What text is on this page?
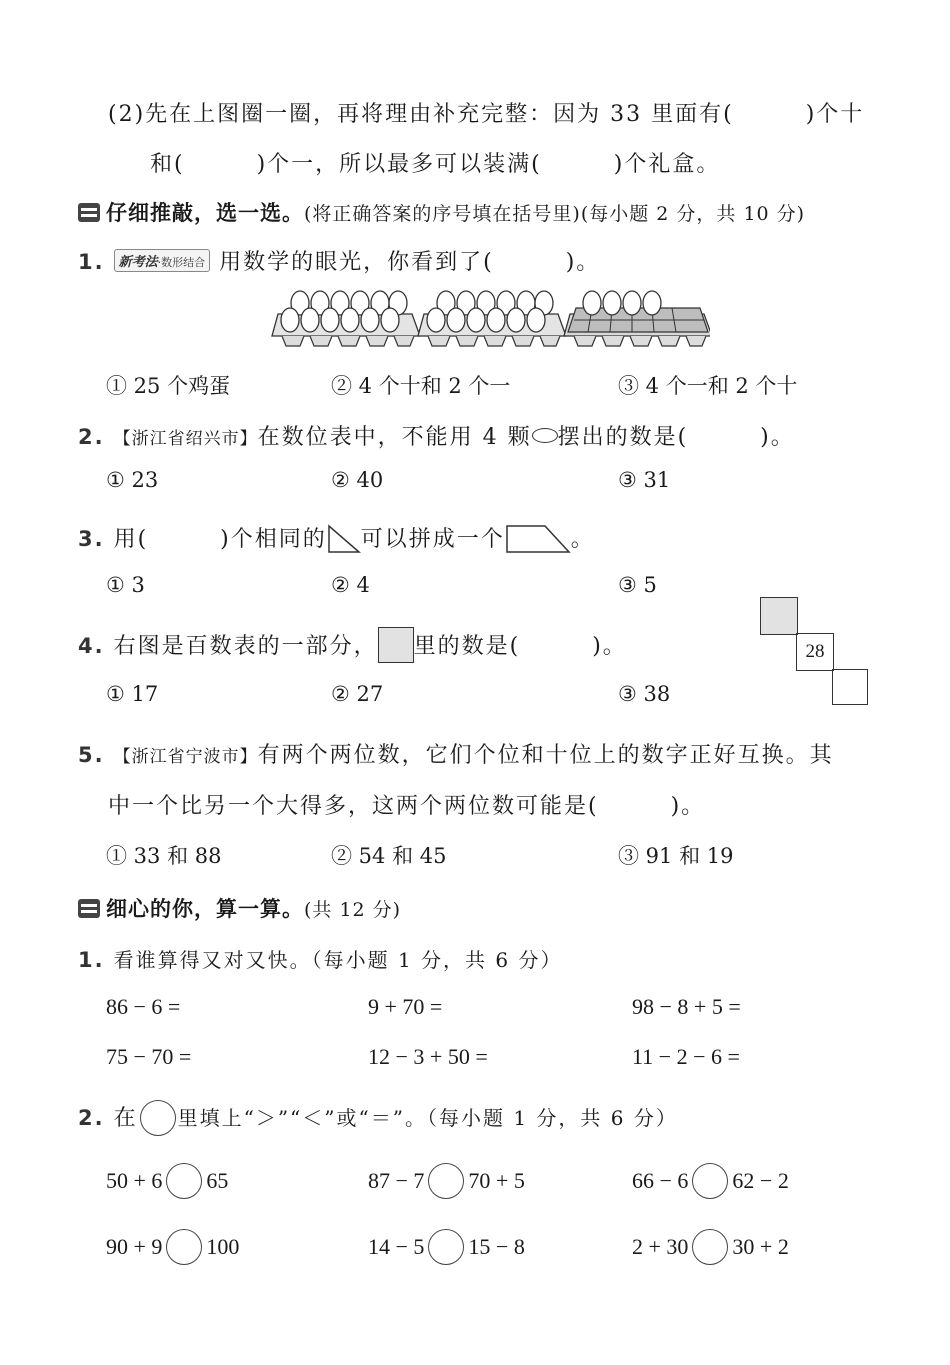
(2)先在上图圈一圈，再将理由补充完整：因为 33 里面有(　　　)个十
和(　　　)个一，所以最多可以装满(　　　)个礼盒。
仔细推敲，选一选。(将正确答案的序号填在括号里)(每小题 2 分，共 10 分)
1. 新考法·数形结合 用数学的眼光，你看到了(　　　)。
① 25 个鸡蛋	② 4 个十和 2 个一	③ 4 个一和 2 个十
2. 【浙江省绍兴市】在数位表中，不能用 4 颗 摆出的数是(　　　)。
① 23	② 40	③ 31
3. 用(　　　)个相同的 可以拼成一个	。
① 3	② 4	③ 5
4. 右图是百数表的一部分， 里的数是(　　　)。	28
① 17	② 27	③ 38
5. 【浙江省宁波市】有两个两位数，它们个位和十位上的数字正好互换。其
中一个比另一个大得多，这两个两位数可能是(　　　)。
① 33 和 88	② 54 和 45	③ 91 和 19
细心的你，算一算。(共 12 分)
1. 看谁算得又对又快。（每小题 1 分，共 6 分）
86 − 6 =	9 + 70 =	98 − 8 + 5 =
75 − 70 =	12 − 3 + 50 =	11 − 2 − 6 =
2. 在 里填上“＞”“＜”或“＝”。（每小题 1 分，共 6 分）
50 + 6 65	87 − 7 70 + 5	66 − 6 62 − 2
90 + 9 100	14 − 5 15 − 8	2 + 30 30 + 2
